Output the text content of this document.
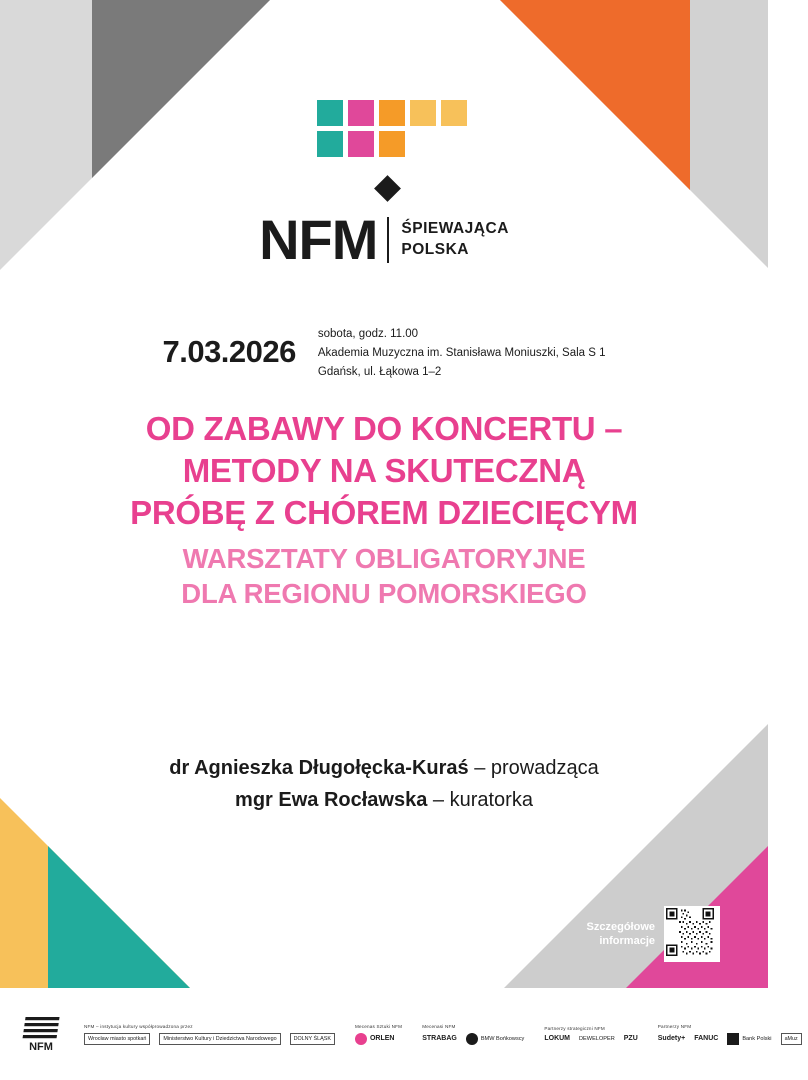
NFM ŚPIEWAJĄCA
POLSKA
7.03.2026 sobota, godz. 11.00
Akademia Muzyczna im. Stanisława Moniuszki, Sala S 1
Gdańsk, ul. Łąkowa 1–2
OD ZABAWY DO KONCERTU –
METODY NA SKUTECZNĄ
PRÓBĘ Z CHÓREM DZIECIĘCYM
WARSZTATY OBLIGATORYJNE
DLA REGIONU POMORSKIEGO
dr Agnieszka Długołęcka-Kuraś – prowadząca
mgr Ewa Rocławska – kuratorka
Szczegółowe
informacje
NFM
NFM – instytucja kultury współprowadzona przez
Wrocław miasto spotkań	Ministerstwo Kultury i Dziedzictwa Narodowego	DOLNY ŚLĄSK
Mecenas Sztuki NFM
ORLEN
Mecenasi NFM
STRABAG	BMW Bońkowscy
Partnerzy strategiczni NFM
LOKUM DEWELOPER PZU
Partnerzy NFM
Sudety+ FANUC	Bank Polski	aMuz
